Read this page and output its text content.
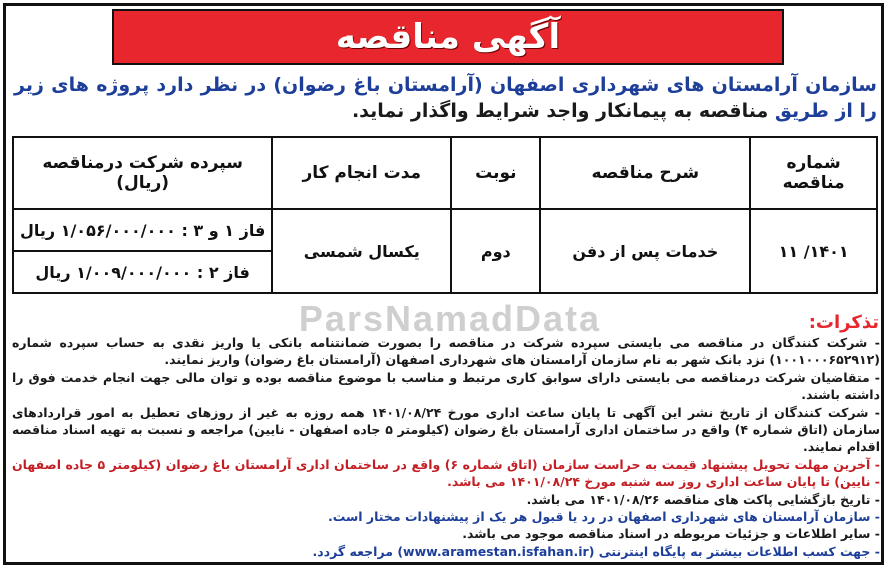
آگهی مناقصه
سازمان آرامستان های شهرداری اصفهان (آرامستان باغ رضوان) در نظر دارد پروژه های زیر را از طریق مناقصه به پیمانکار واجد شرایط واگذار نماید.
شماره مناقصه	شرح مناقصه	نوبت	مدت انجام کار	سپرده شرکت درمناقصه (ریال)
۱۴۰۱/ ۱۱	خدمات پس از دفن	دوم	یکسال شمسی	فاز ۱ و ۳ : ۱/۰۵۶/۰۰۰/۰۰۰ ریال
				فاز ۲ : ۱/۰۰۹/۰۰۰/۰۰۰ ریال
ParsNamadData	تذکرات:

- شرکت کنندگان در مناقصه می بایستی سپرده شرکت در مناقصه را بصورت ضمانتنامه بانکی یا واریز نقدی به حساب سپرده شماره (۱۰۰۱۰۰۰۶۵۲۹۱۲) نزد بانک شهر به نام سازمان آرامستان های شهرداری اصفهان (آرامستان باغ رضوان) واریز نمایند.

- متقاضیان شرکت درمناقصه می بایستی دارای سوابق کاری مرتبط و مناسب با موضوع مناقصه بوده و توان مالی جهت انجام خدمت فوق را داشته باشند.

- شرکت کنندگان از تاریخ نشر این آگهی تا پایان ساعت اداری مورخ ۱۴۰۱/۰۸/۲۴ همه روزه به غیر از روزهای تعطیل به امور قراردادهای سازمان (اتاق شماره ۴) واقع در ساختمان اداری آرامستان باغ رضوان (کیلومتر ۵ جاده اصفهان - نایین) مراجعه و نسبت به تهیه اسناد مناقصه اقدام نمایند.

- آخرین مهلت تحویل پیشنهاد قیمت به حراست سازمان (اتاق شماره ۶) واقع در ساختمان اداری آرامستان باغ رضوان (کیلومتر ۵ جاده اصفهان - نایین) تا پایان ساعت اداری روز سه شنبه مورخ ۱۴۰۱/۰۸/۲۴ می باشد.

- تاریخ بازگشایی پاکت های مناقصه ۱۴۰۱/۰۸/۲۶ می باشد.

- سازمان آرامستان های شهرداری اصفهان در رد یا قبول هر یک از پیشنهادات مختار است.

- سایر اطلاعات و جزئیات مربوطه در اسناد مناقصه موجود می باشد.

- جهت کسب اطلاعات بیشتر به پایگاه اینترنتی (www.aramestan.isfahan.ir) مراجعه گردد.
